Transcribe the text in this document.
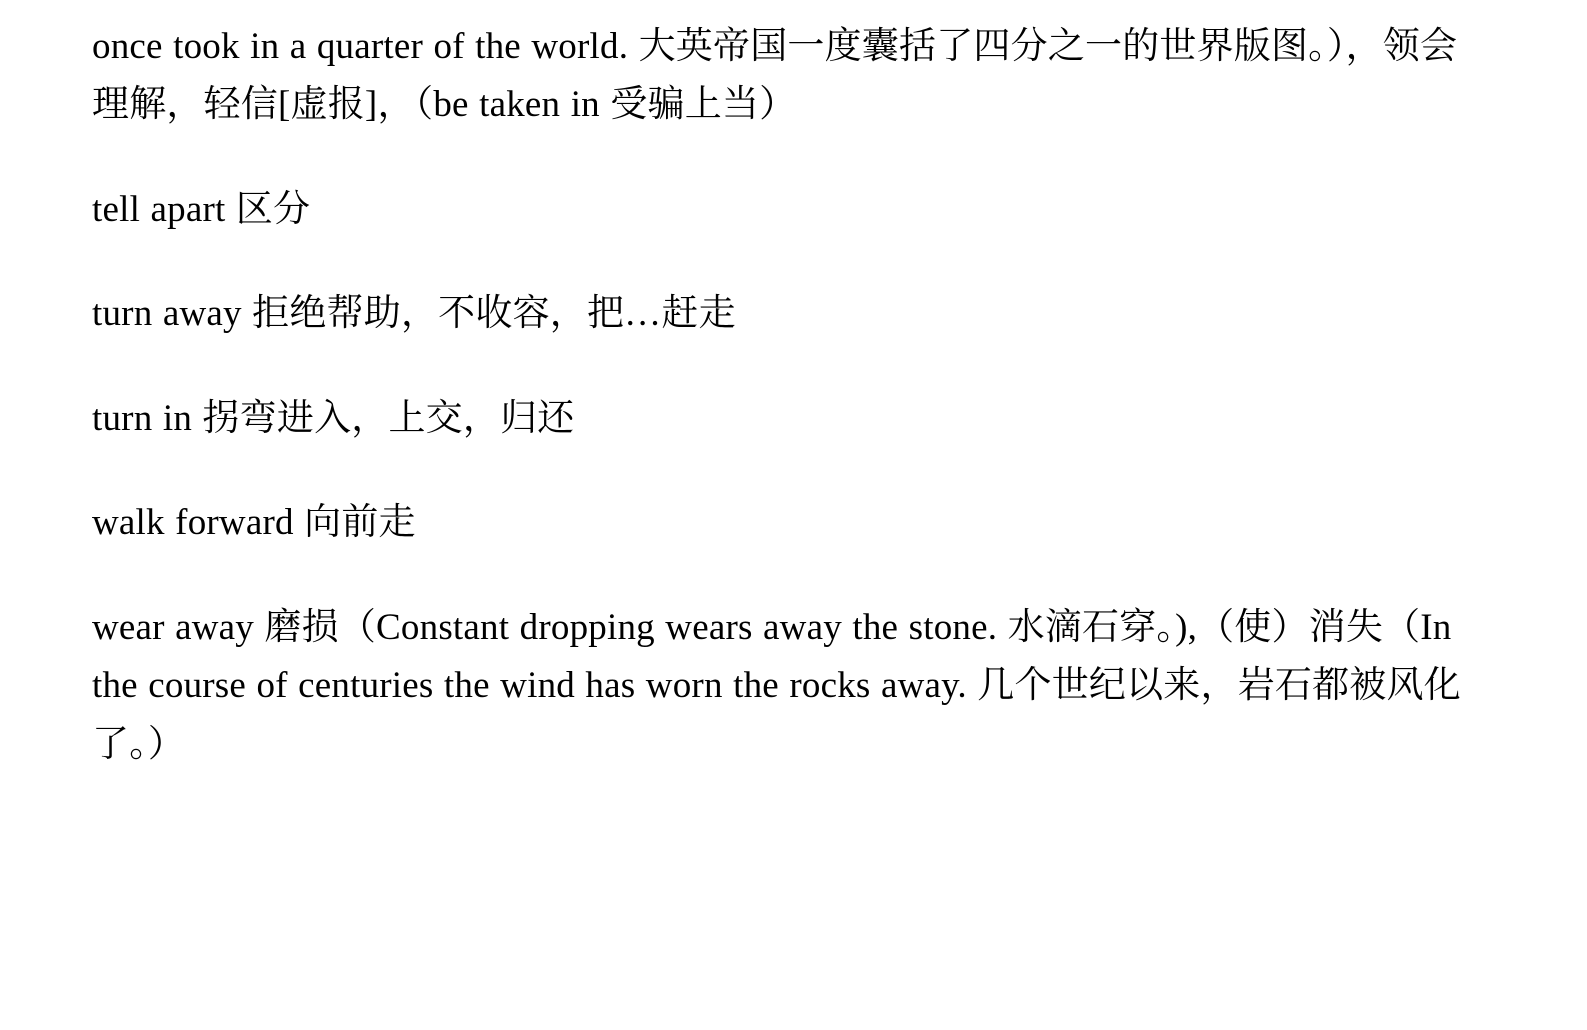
once took in a quarter of the world. 大英帝国一度囊括了四分之一的世界版图。），领会理解，轻信[虚报]，（be taken in 受骗上当）

tell apart 区分

turn away 拒绝帮助，不收容，把…赶走

turn in 拐弯进入，上交，归还

walk forward 向前走

wear away 磨损（Constant dropping wears away the stone. 水滴石穿。),（使）消失（In the course of centuries the wind has worn the rocks away. 几个世纪以来，岩石都被风化了。）
